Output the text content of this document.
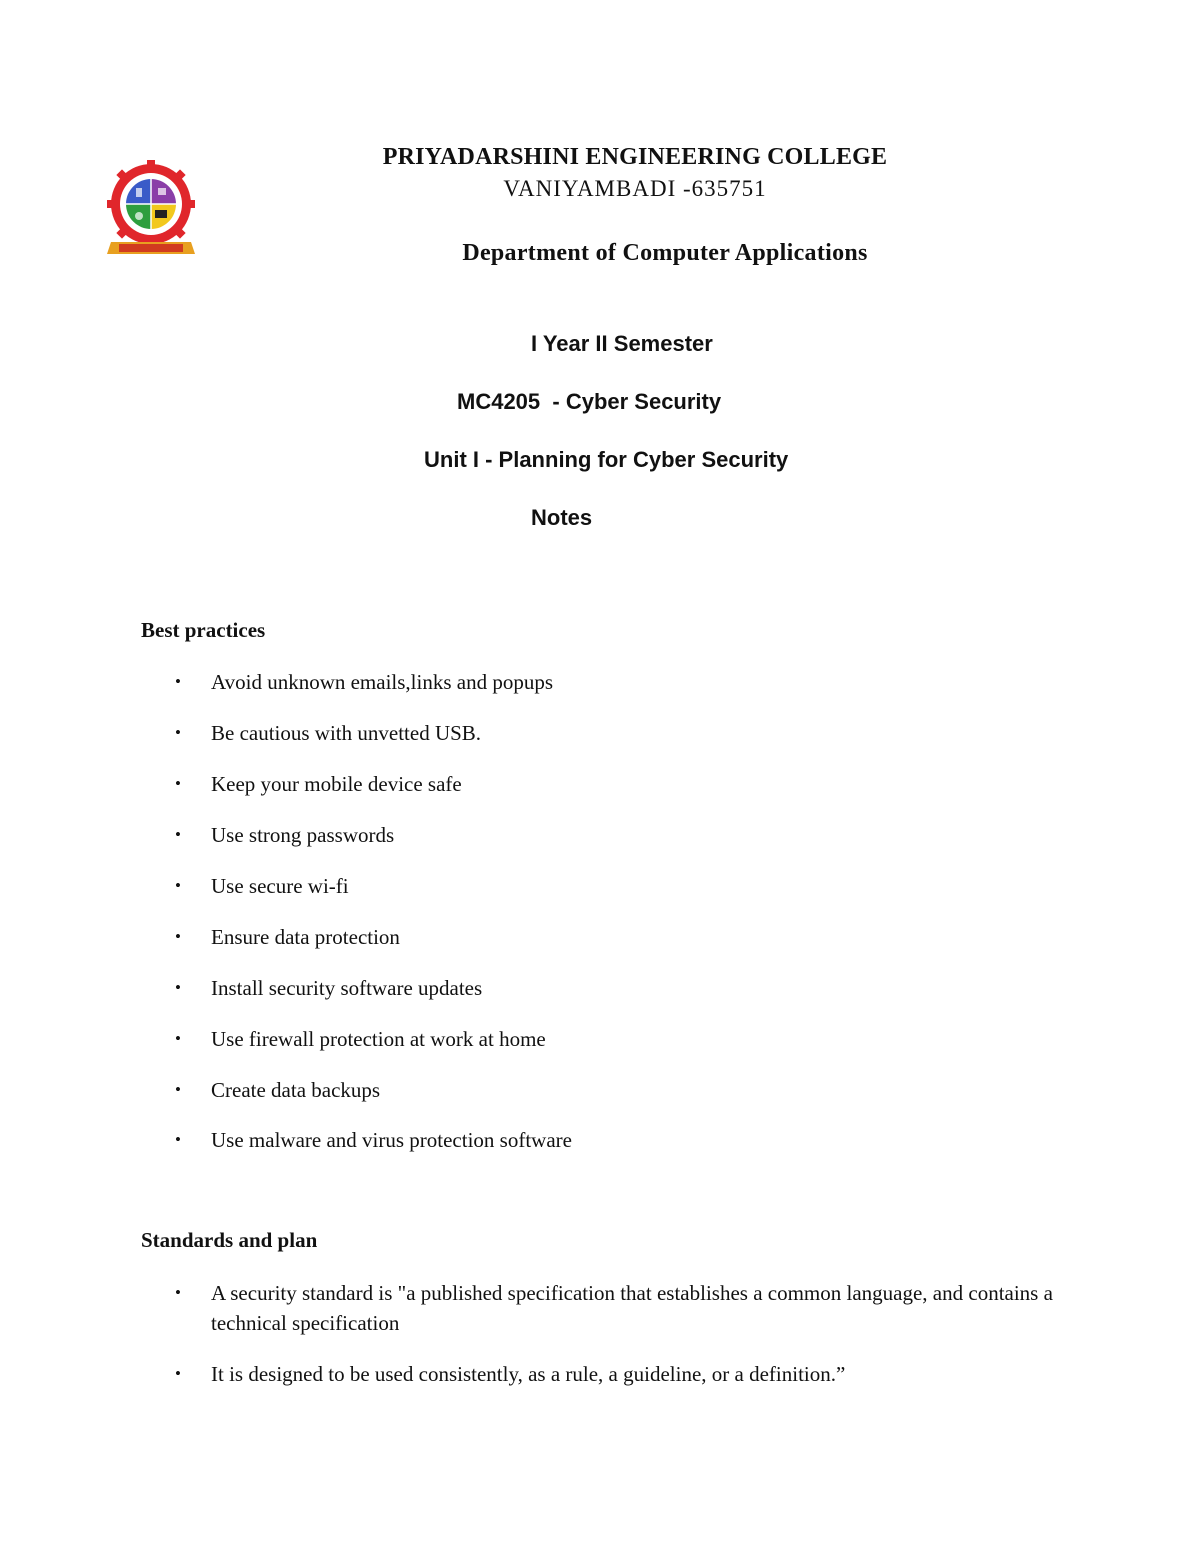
PRIYADARSHINI ENGINEERING COLLEGE
VANIYAMBADI -635751
Department of Computer Applications
I Year II Semester
MC4205  - Cyber Security
Unit I - Planning for Cyber Security
Notes
Best practices
• Avoid unknown emails,links and popups
• Be cautious with unvetted USB.
• Keep your mobile device safe
• Use strong passwords
• Use secure wi-fi
• Ensure data protection
• Install security software updates
• Use firewall protection at work at home
• Create data backups
• Use malware and virus protection software
Standards and plan
• A security standard is "a published specification that establishes a common language, and contains a technical specification
• It is designed to be used consistently, as a rule, a guideline, or a definition.”
